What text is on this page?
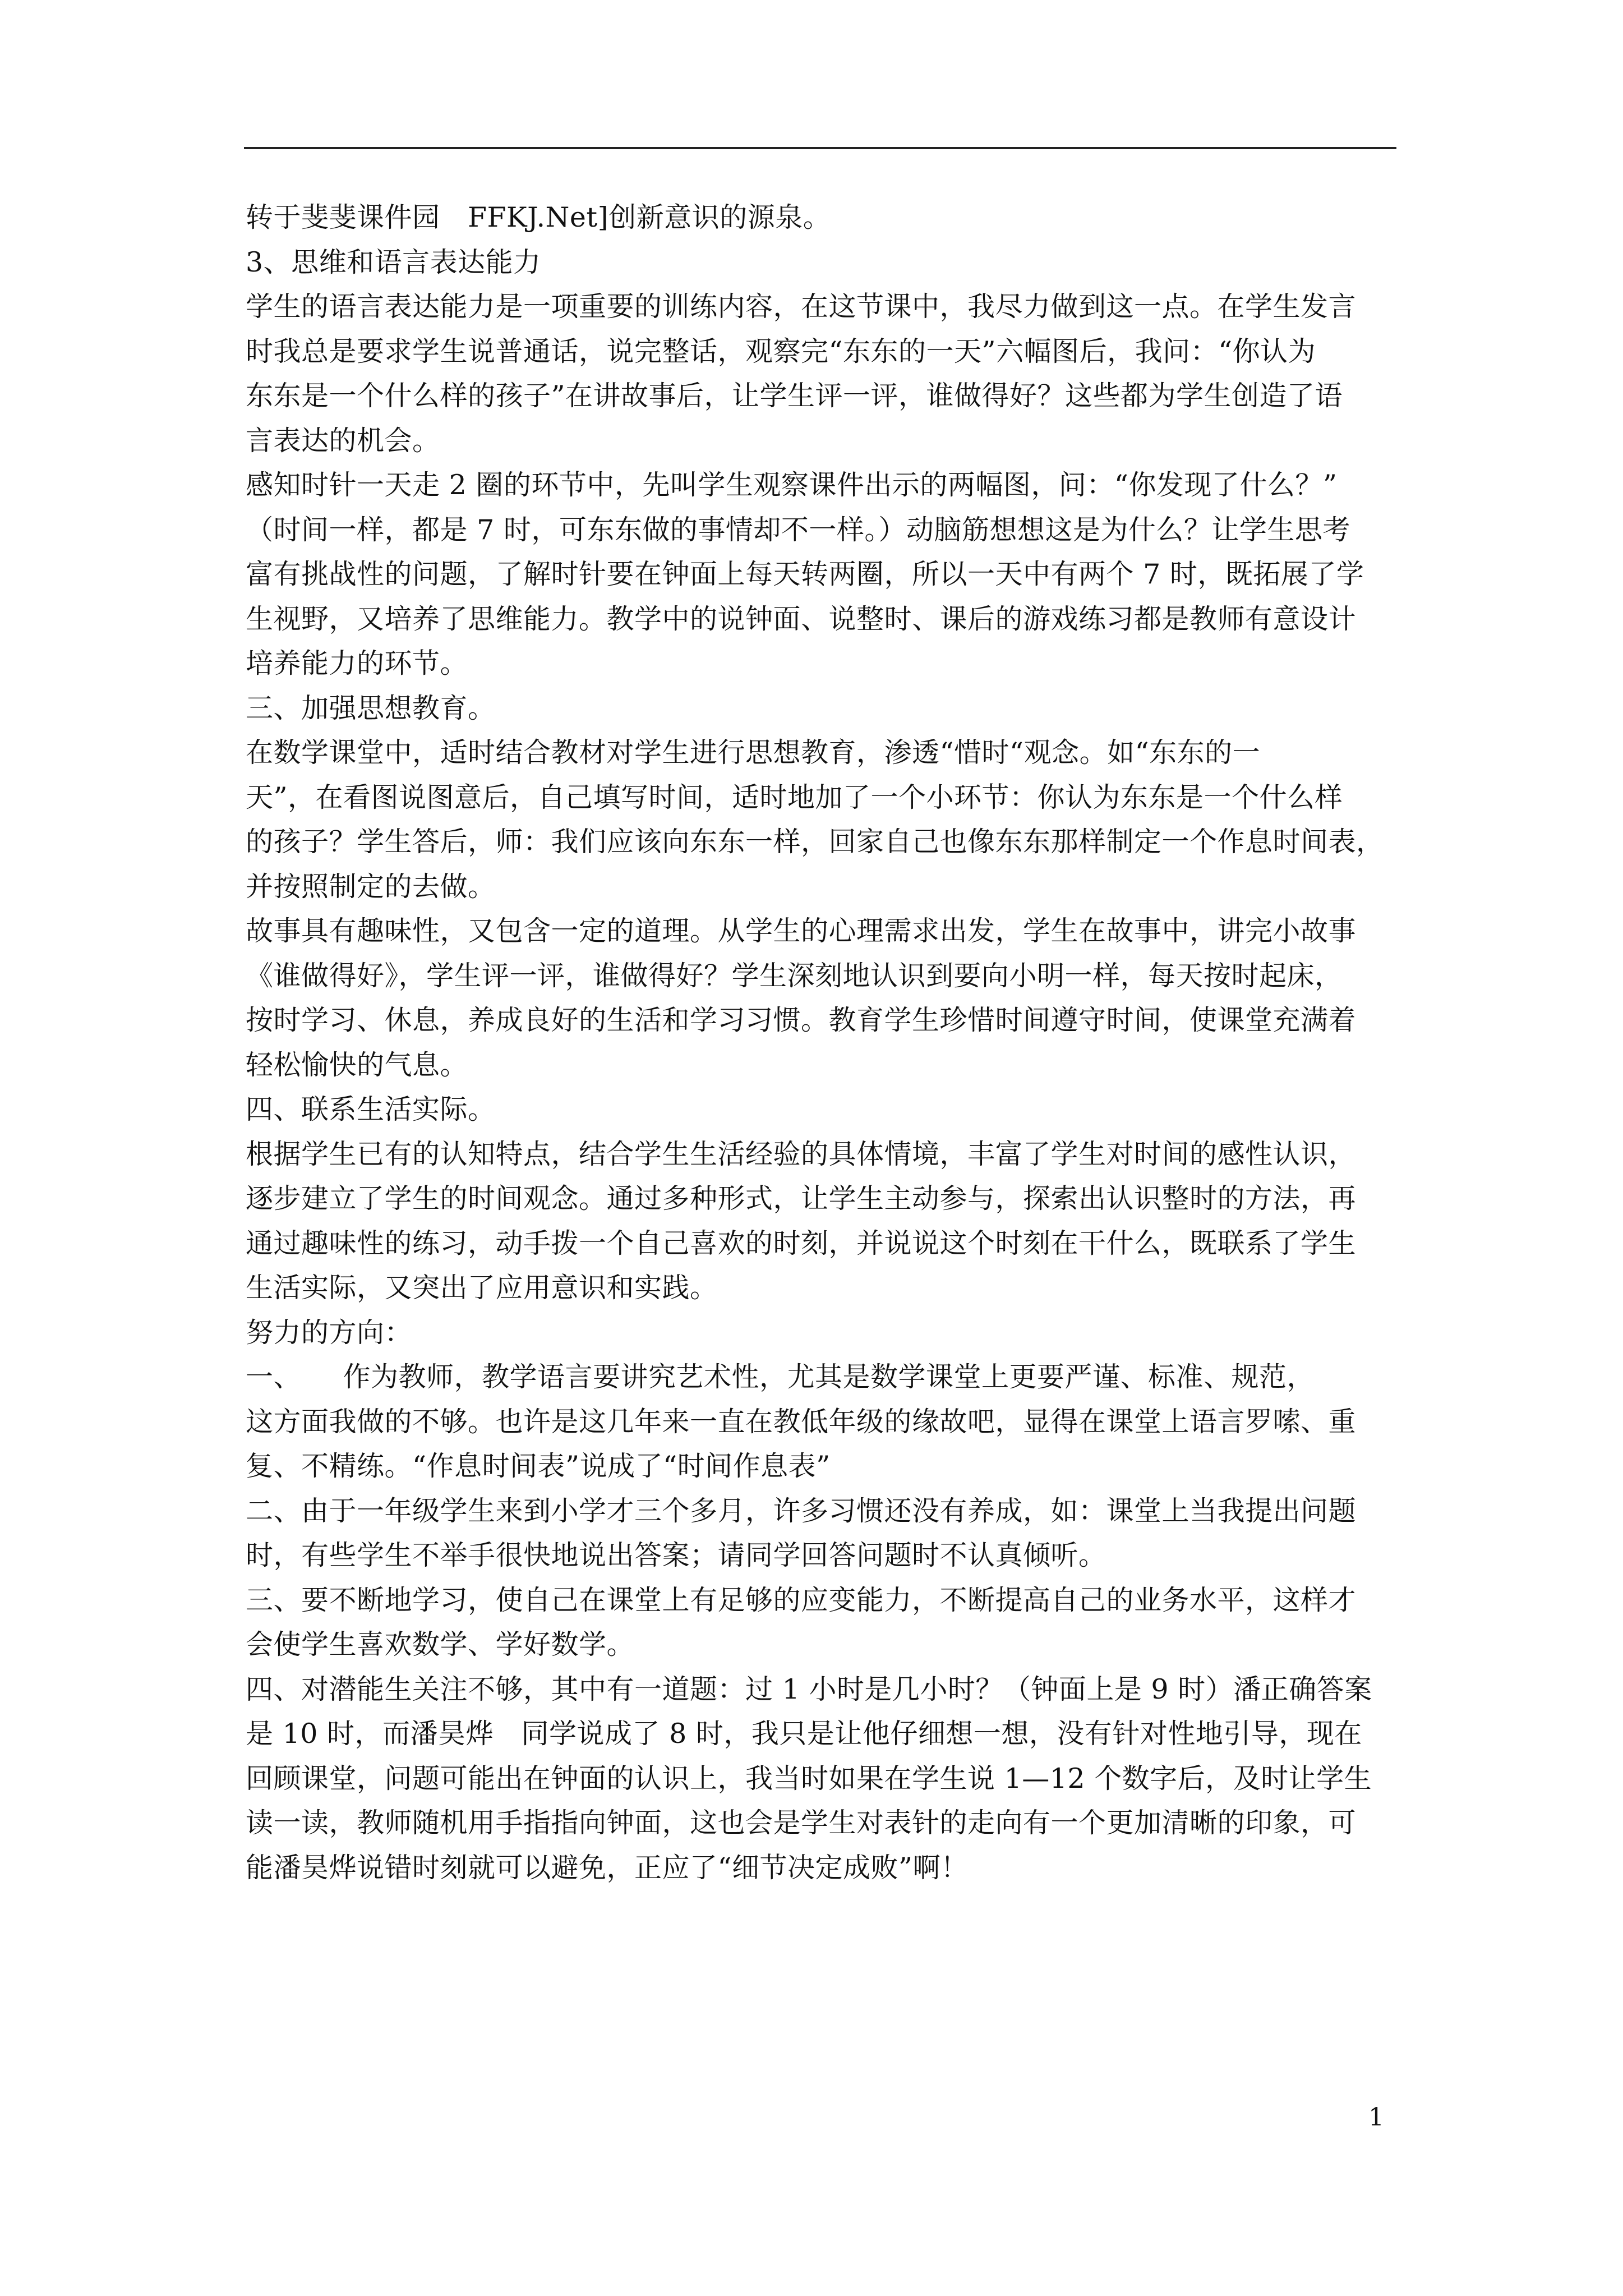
转于斐斐课件园　FFKJ.Net]创新意识的源泉。
3、思维和语言表达能力
学生的语言表达能力是一项重要的训练内容，在这节课中，我尽力做到这一点。在学生发言
时我总是要求学生说普通话，说完整话，观察完“东东的一天”六幅图后，我问：“你认为
东东是一个什么样的孩子”在讲故事后，让学生评一评，谁做得好？这些都为学生创造了语
言表达的机会。
感知时针一天走 2 圈的环节中，先叫学生观察课件出示的两幅图，问：“你发现了什么？”
（时间一样，都是 7 时，可东东做的事情却不一样。）动脑筋想想这是为什么？让学生思考
富有挑战性的问题，了解时针要在钟面上每天转两圈，所以一天中有两个 7 时，既拓展了学
生视野，又培养了思维能力。教学中的说钟面、说整时、课后的游戏练习都是教师有意设计
培养能力的环节。
三、加强思想教育。
在数学课堂中，适时结合教材对学生进行思想教育，渗透“惜时“观念。如“东东的一
天”，在看图说图意后，自己填写时间，适时地加了一个小环节：你认为东东是一个什么样
的孩子？学生答后，师：我们应该向东东一样，回家自己也像东东那样制定一个作息时间表，
并按照制定的去做。
故事具有趣味性，又包含一定的道理。从学生的心理需求出发，学生在故事中，讲完小故事
《谁做得好》，学生评一评，谁做得好？学生深刻地认识到要向小明一样，每天按时起床，
按时学习、休息，养成良好的生活和学习习惯。教育学生珍惜时间遵守时间，使课堂充满着
轻松愉快的气息。
四、联系生活实际。
根据学生已有的认知特点，结合学生生活经验的具体情境，丰富了学生对时间的感性认识，
逐步建立了学生的时间观念。通过多种形式，让学生主动参与，探索出认识整时的方法，再
通过趣味性的练习，动手拨一个自己喜欢的时刻，并说说这个时刻在干什么，既联系了学生
生活实际，又突出了应用意识和实践。
努力的方向：
一、　　作为教师，教学语言要讲究艺术性，尤其是数学课堂上更要严谨、标准、规范，
这方面我做的不够。也许是这几年来一直在教低年级的缘故吧，显得在课堂上语言罗嗦、重
复、不精练。“作息时间表”说成了“时间作息表”
二、由于一年级学生来到小学才三个多月，许多习惯还没有养成，如：课堂上当我提出问题
时，有些学生不举手很快地说出答案；请同学回答问题时不认真倾听。
三、要不断地学习，使自己在课堂上有足够的应变能力，不断提高自己的业务水平，这样才
会使学生喜欢数学、学好数学。
四、对潜能生关注不够，其中有一道题：过 1 小时是几小时？（钟面上是 9 时）潘正确答案
是 10 时，而潘昊烨　同学说成了 8 时，我只是让他仔细想一想，没有针对性地引导，现在
回顾课堂，问题可能出在钟面的认识上，我当时如果在学生说 1—12 个数字后，及时让学生
读一读，教师随机用手指指向钟面，这也会是学生对表针的走向有一个更加清晰的印象，可
能潘昊烨说错时刻就可以避免，正应了“细节决定成败”啊！
1
